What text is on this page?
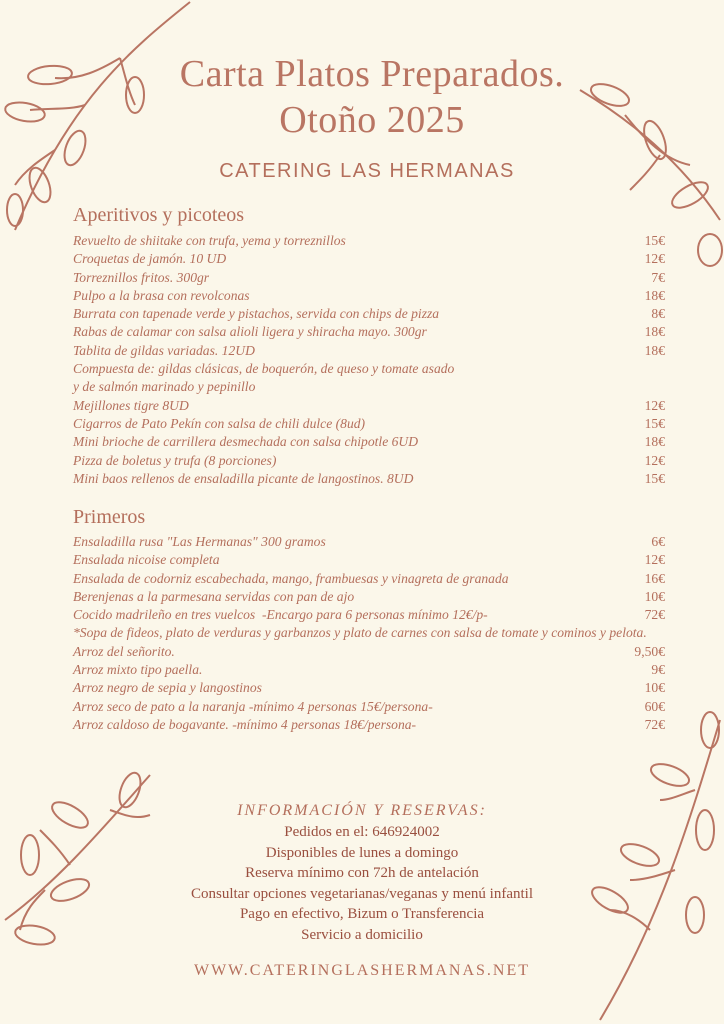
Carta Platos Preparados.
Otoño 2025
CATERING LAS HERMANAS
Aperitivos y picoteos
Revuelto de shiitake con trufa, yema y torreznillos	15€
Croquetas de jamón. 10 UD	12€
Torreznillos fritos. 300gr	7€
Pulpo a la brasa con revolconas	18€
Burrata con tapenade verde y pistachos, servida con chips de pizza	8€
Rabas de calamar con salsa alioli ligera y shiracha mayo. 300gr	18€
Tablita de gildas variadas. 12UD	18€
Compuesta de: gildas clásicas, de boquerón, de queso y tomate asado
y de salmón marinado y pepinillo
Mejillones tigre 8UD	12€
Cigarros de Pato Pekín con salsa de chili dulce (8ud)	15€
Mini brioche de carrillera desmechada con salsa chipotle 6UD	18€
Pizza de boletus y trufa (8 porciones)	12€
Mini baos rellenos de ensaladilla picante de langostinos. 8UD	15€
Primeros
Ensaladilla rusa "Las Hermanas" 300 gramos	6€
Ensalada nicoise completa	12€
Ensalada de codorniz escabechada, mango, frambuesas y vinagreta de granada	16€
Berenjenas a la parmesana servidas con pan de ajo	10€
Cocido madrileño en tres vuelcos  -Encargo para 6 personas mínimo 12€/p-	72€
*Sopa de fideos, plato de verduras y garbanzos y plato de carnes con salsa de tomate y cominos y pelota.
Arroz del señorito.	9,50€
Arroz mixto tipo paella.	9€
Arroz negro de sepia y langostinos	10€
Arroz seco de pato a la naranja -mínimo 4 personas 15€/persona-	60€
Arroz caldoso de bogavante. -mínimo 4 personas 18€/persona-	72€
INFORMACIÓN Y RESERVAS:
Pedidos en el: 646924002
Disponibles de lunes a domingo
Reserva mínimo con 72h de antelación
Consultar opciones vegetarianas/veganas y menú infantil
Pago en efectivo, Bizum o Transferencia
Servicio a domicilio
WWW.CATERINGLASHERMANAS.NET
